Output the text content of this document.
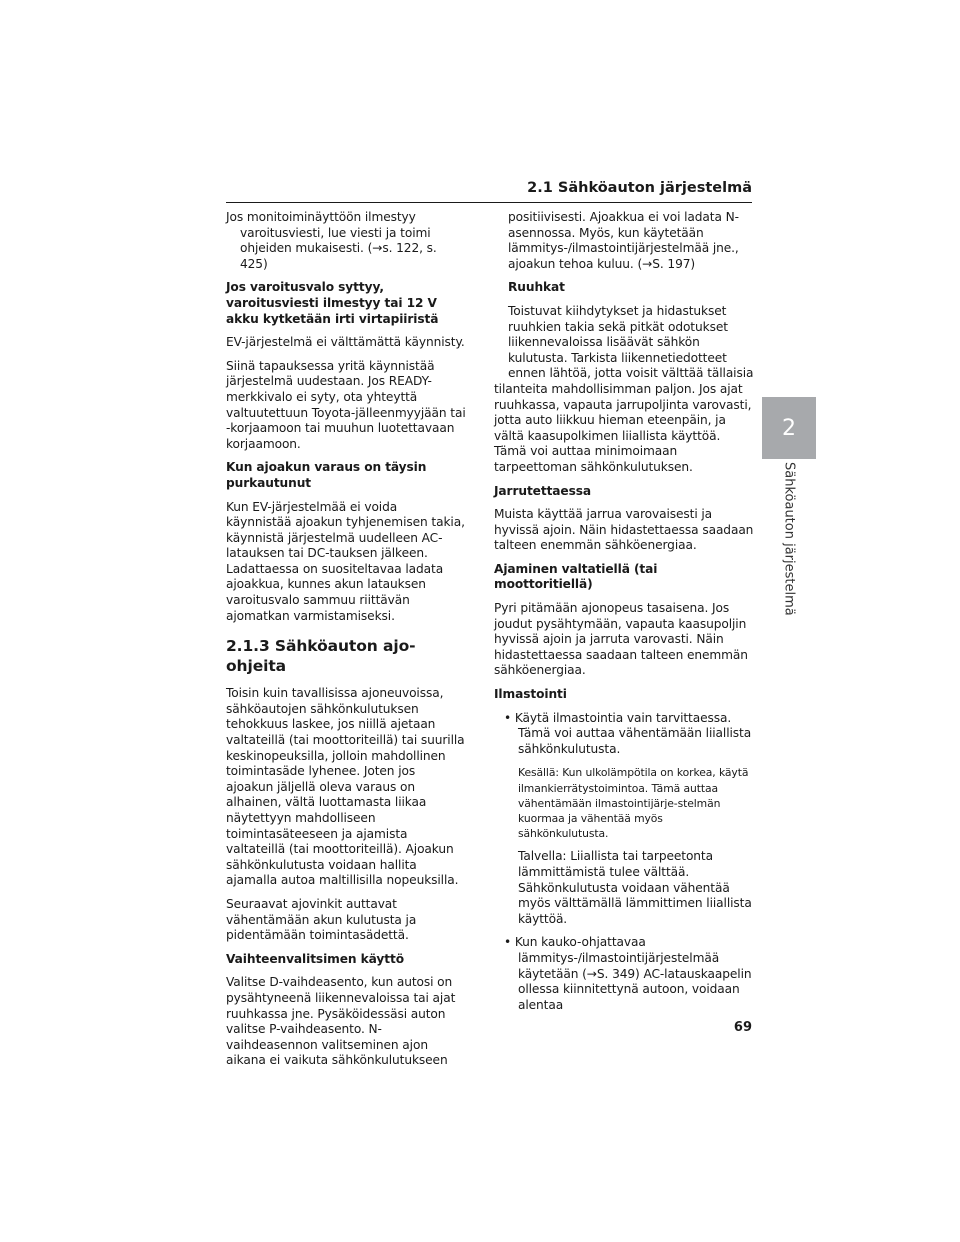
2.1 Sähköauton järjestelmä
2
Sähköauton järjestelmä

Jos monitoiminäyttöön ilmestyy varoitusviesti, lue viesti ja toimi ohjeiden mukaisesti. (→s. 122, s. 425)

Jos varoitusvalo syttyy, varoitusviesti ilmestyy tai 12 V akku kytketään irti virtapiiristä

EV-järjestelmä ei välttämättä käynnisty.

Siinä tapauksessa yritä käynnistää järjestelmä uudestaan. Jos READY-merkkivalo ei syty, ota yhteyttä valtuutettuun Toyota-jälleenmyyjään tai -korjaamoon tai muuhun luotettavaan korjaamoon.

Kun ajoakun varaus on täysin purkautunut

Kun EV-järjestelmää ei voida käynnistää ajoakun tyhjenemisen takia, käynnistä järjestelmä uudelleen AC-latauksen tai DC-tauksen jälkeen. Ladattaessa on suositeltavaa ladata ajoakkua, kunnes akun latauksen varoitusvalo sammuu riittävän ajomatkan varmistamiseksi.

2.1.3 Sähköauton ajo-ohjeita

Toisin kuin tavallisissa ajoneuvoissa, sähköautojen sähkönkulutuksen tehokkuus laskee, jos niillä ajetaan valtateillä (tai moottoriteillä) tai suurilla keskinopeuksilla, jolloin mahdollinen toimintasäde lyhenee. Joten jos ajoakun jäljellä oleva varaus on alhainen, vältä luottamasta liikaa näytettyyn mahdolliseen toimintasäteeseen ja ajamista valtateillä (tai moottoriteillä). Ajoakun sähkönkulutusta voidaan hallita ajamalla autoa maltillisilla nopeuksilla.

Seuraavat ajovinkit auttavat vähentämään akun kulutusta ja pidentämään toimintasädettä.

Vaihteenvalitsimen käyttö

Valitse D-vaihdeasento, kun autosi on pysähtyneenä liikennevaloissa tai ajat ruuhkassa jne. Pysäköidessäsi auton valitse P-vaihdeasento. N-vaihdeasennon valitseminen ajon aikana ei vaikuta sähkönkulutukseen

positiivisesti. Ajoakkua ei voi ladata N-asennossa. Myös, kun käytetään lämmitys-/ilmastointijärjestelmää jne., ajoakun tehoa kuluu. (→S. 197)

Ruuhkat

Toistuvat kiihdytykset ja hidastukset ruuhkien takia sekä pitkät odotukset liikennevaloissa lisäävät sähkön kulutusta. Tarkista liikennetiedotteet ennen lähtöä, jotta voisit välttää tällaisia

tilanteita mahdollisimman paljon. Jos ajat ruuhkassa, vapauta jarrupoljinta varovasti, jotta auto liikkuu hieman eteenpäin, ja vältä kaasupolkimen liiallista käyttöä. Tämä voi auttaa minimoimaan tarpeettoman sähkönkulutuksen.

Jarrutettaessa

Muista käyttää jarrua varovaisesti ja hyvissä ajoin. Näin hidastettaessa saadaan talteen enemmän sähköenergiaa.

Ajaminen valtatiellä (tai moottoritiellä)

Pyri pitämään ajonopeus tasaisena. Jos joudut pysähtymään, vapauta kaasupoljin hyvissä ajoin ja jarruta varovasti. Näin hidastettaessa saadaan talteen enemmän sähköenergiaa.

Ilmastointi

• Käytä ilmastointia vain tarvittaessa. Tämä voi auttaa vähentämään liiallista sähkönkulutusta.

Kesällä: Kun ulkolämpötila on korkea, käytä ilmankierrätystoimintoa. Tämä auttaa vähentämään ilmastointijärje-stelmän kuormaa ja vähentää myös sähkönkulutusta.

Talvella: Liiallista tai tarpeetonta lämmittämistä tulee välttää. Sähkönkulutusta voidaan vähentää myös välttämällä lämmittimen liiallista käyttöä.

• Kun kauko-ohjattavaa lämmitys-/ilmastointijärjestelmää käytetään (→S. 349) AC-latauskaapelin ollessa kiinnitettynä autoon, voidaan alentaa

69
